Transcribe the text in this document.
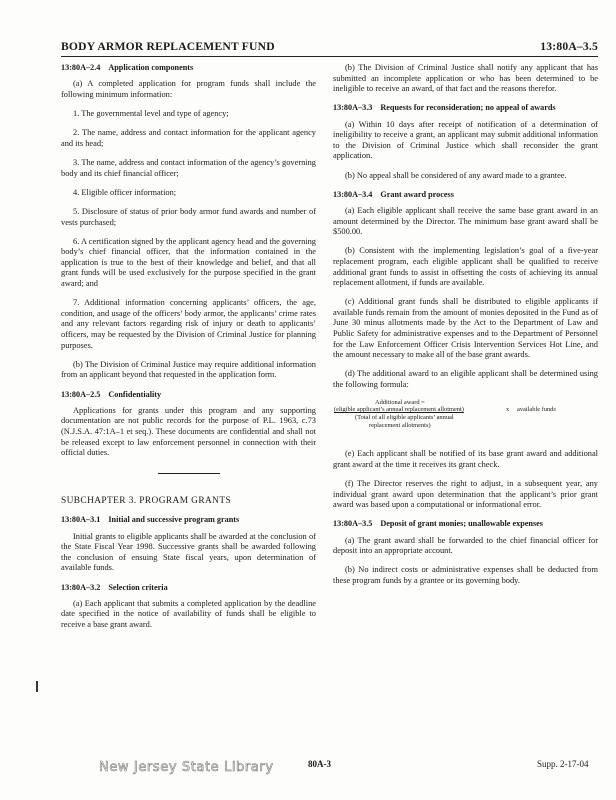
BODY ARMOR REPLACEMENT FUND	13:80A–3.5
13:80A–2.4 Application components

(a) A completed application for program funds shall include the following minimum information:

1. The governmental level and type of agency;

2. The name, address and contact information for the applicant agency and its head;

3. The name, address and contact information of the agency’s governing body and its chief financial officer;

4. Eligible officer information;

5. Disclosure of status of prior body armor fund awards and number of vests purchased;

6. A certification signed by the applicant agency head and the governing body’s chief financial officer, that the information contained in the application is true to the best of their knowledge and belief, and that all grant funds will be used exclusively for the purpose specified in the grant award; and

7. Additional information concerning applicants’ officers, the age, condition, and usage of the officers’ body armor, the applicants’ crime rates and any relevant factors regarding risk of injury or death to applicants’ officers, may be requested by the Division of Criminal Justice for planning purposes.

(b) The Division of Criminal Justice may require additional information from an applicant beyond that requested in the application form.

13:80A–2.5 Confidentiality

Applications for grants under this program and any supporting documentation are not public records for the purpose of P.L. 1963, c.73 (N.J.S.A. 47:1A–1 et seq.). These documents are confidential and shall not be released except to law enforcement personnel in connection with their official duties.

SUBCHAPTER 3. PROGRAM GRANTS
13:80A–3.1 Initial and successive program grants

Initial grants to eligible applicants shall be awarded at the conclusion of the State Fiscal Year 1998. Successive grants shall be awarded following the conclusion of ensuing State fiscal years, upon determination of available funds.

13:80A–3.2 Selection criteria

(a) Each applicant that submits a completed application by the deadline date specified in the notice of availability of funds shall be eligible to receive a base grant award.

(b) The Division of Criminal Justice shall notify any applicant that has submitted an incomplete application or who has been determined to be ineligible to receive an award, of that fact and the reasons therefor.

13:80A–3.3 Requests for reconsideration; no appeal of awards

(a) Within 10 days after receipt of notification of a determination of ineligibility to receive a grant, an applicant may submit additional information to the Division of Criminal Justice which shall reconsider the grant application.

(b) No appeal shall be considered of any award made to a grantee.

13:80A–3.4 Grant award process

(a) Each eligible applicant shall receive the same base grant award in an amount determined by the Director. The minimum base grant award shall be $500.00.

(b) Consistent with the implementing legislation’s goal of a five-year replacement program, each eligible applicant shall be qualified to receive additional grant funds to assist in offsetting the costs of achieving its annual replacement allotment, if funds are available.

(c) Additional grant funds shall be distributed to eligible applicants if available funds remain from the amount of monies deposited in the Fund as of June 30 minus allotments made by the Act to the Department of Law and Public Safety for administrative expenses and to the Department of Personnel for the Law Enforcement Officer Crisis Intervention Services Hot Line, and the amount necessary to make all of the base grant awards.

(d) The additional award to an eligible applicant shall be determined using the following formula:

Additional award =
(eligible applicant’s annual replacement allotment)	x available funds
(Total of all eligible applicants’ annual
replacement allotments)

(e) Each applicant shall be notified of its base grant award and additional grant award at the time it receives its grant check.

(f) The Director reserves the right to adjust, in a subsequent year, any individual grant award upon determination that the applicant’s prior grant award was based upon a computational or informational error.

13:80A–3.5 Deposit of grant monies; unallowable expenses

(a) The grant award shall be forwarded to the chief financial officer for deposit into an appropriate account.

(b) No indirect costs or administrative expenses shall be deducted from these program funds by a grantee or its governing body.

New Jersey State Library	80A-3	Supp. 2-17-04
